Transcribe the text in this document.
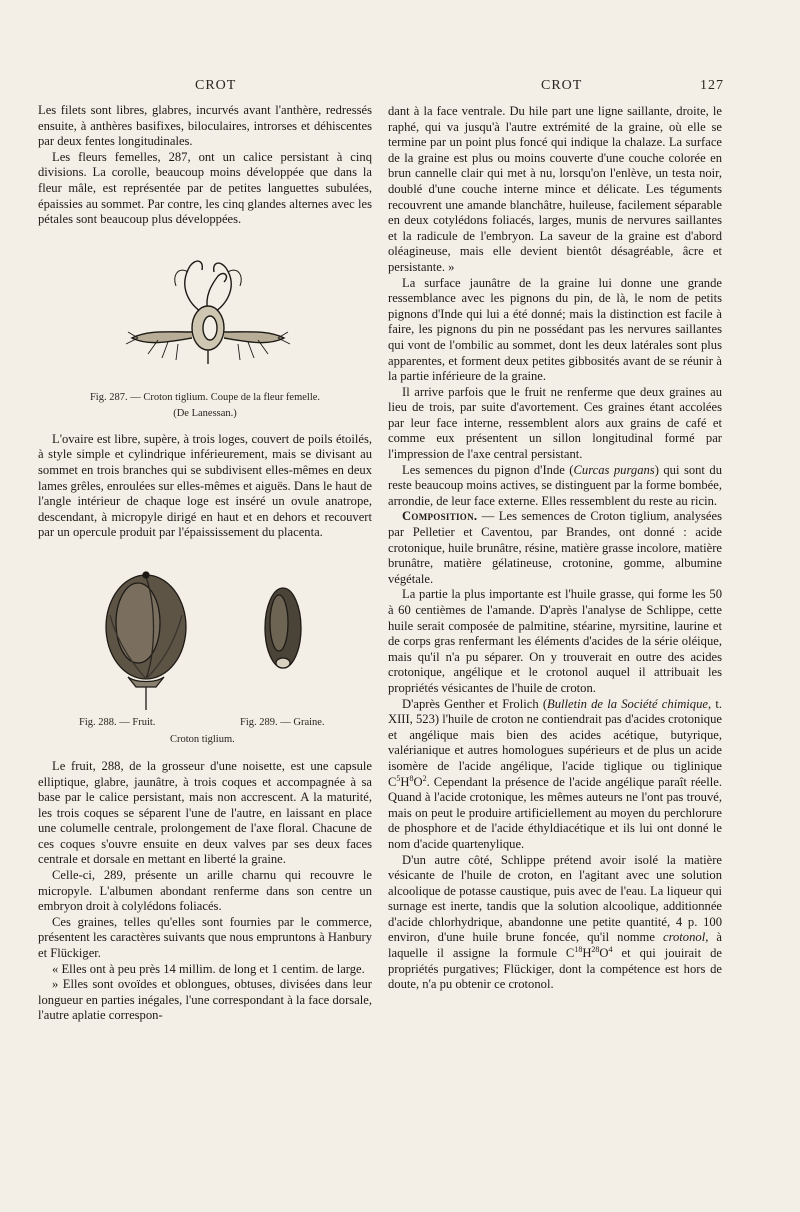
CROT	CROT	127

Les filets sont libres, glabres, incurvés avant l'anthère, redressés ensuite, à anthères basifixes, biloculaires, introrses et déhiscentes par deux fentes longitudinales.

Les fleurs femelles, 287, ont un calice persistant à cinq divisions. La corolle, beaucoup moins développée que dans la fleur mâle, est représentée par de petites languettes subulées, épaissies au sommet. Par contre, les cinq glandes alternes avec les pétales sont beaucoup plus développées.

Fig. 287. — Croton tiglium. Coupe de la fleur femelle.
(De Lanessan.)

L'ovaire est libre, supère, à trois loges, couvert de poils étoilés, à style simple et cylindrique inférieurement, mais se divisant au sommet en trois branches qui se subdivisent elles-mêmes en deux lames grêles, enroulées sur elles-mêmes et aiguës. Dans le haut de l'angle intérieur de chaque loge est inséré un ovule anatrope, descendant, à micropyle dirigé en haut et en dehors et recouvert par un opercule produit par l'épaississement du placenta.

Fig. 288. — Fruit.	Fig. 289. — Graine.
Croton tiglium.

Le fruit, 288, de la grosseur d'une noisette, est une capsule elliptique, glabre, jaunâtre, à trois coques et accompagnée à sa base par le calice persistant, mais non accrescent. A la maturité, les trois coques se séparent l'une de l'autre, en laissant en place une columelle centrale, prolongement de l'axe floral. Chacune de ces coques s'ouvre ensuite en deux valves par ses deux faces centrale et dorsale en mettant en liberté la graine.

Celle-ci, 289, présente un arille charnu qui recouvre le micropyle. L'albumen abondant renferme dans son centre un embryon droit à colylédons foliacés.

Ces graines, telles qu'elles sont fournies par le commerce, présentent les caractères suivants que nous empruntons à Hanbury et Flückiger.

« Elles ont à peu près 14 millim. de long et 1 centim. de large.

» Elles sont ovoïdes et oblongues, obtuses, divisées dans leur longueur en parties inégales, l'une correspondant à la face dorsale, l'autre aplatie correspon-

dant à la face ventrale. Du hile part une ligne saillante, droite, le raphé, qui va jusqu'à l'autre extrémité de la graine, où elle se termine par un point plus foncé qui indique la chalaze. La surface de la graine est plus ou moins couverte d'une couche colorée en brun cannelle clair qui met à nu, lorsqu'on l'enlève, un testa noir, doublé d'une couche interne mince et délicate. Les téguments recouvrent une amande blanchâtre, huileuse, facilement séparable en deux cotylédons foliacés, larges, munis de nervures saillantes et la radicule de l'embryon. La saveur de la graine est d'abord oléagineuse, mais elle devient bientôt désagréable, âcre et persistante. »

La surface jaunâtre de la graine lui donne une grande ressemblance avec les pignons du pin, de là, le nom de petits pignons d'Inde qui lui a été donné; mais la distinction est facile à faire, les pignons du pin ne possédant pas les nervures saillantes qui vont de l'ombilic au sommet, dont les deux latérales sont plus apparentes, et forment deux petites gibbosités avant de se réunir à la partie inférieure de la graine.

Il arrive parfois que le fruit ne renferme que deux graines au lieu de trois, par suite d'avortement. Ces graines étant accolées par leur face interne, ressemblent alors aux grains de café et comme eux présentent un sillon longitudinal formé par l'impression de l'axe central persistant.

Les semences du pignon d'Inde (Curcas purgans) qui sont du reste beaucoup moins actives, se distinguent par la forme bombée, arrondie, de leur face externe. Elles ressemblent du reste au ricin.

Composition. — Les semences de Croton tiglium, analysées par Pelletier et Caventou, par Brandes, ont donné : acide crotonique, huile brunâtre, résine, matière grasse incolore, matière brunâtre, matière gélatineuse, crotonine, gomme, albumine végétale.

La partie la plus importante est l'huile grasse, qui forme les 50 à 60 centièmes de l'amande. D'après l'analyse de Schlippe, cette huile serait composée de palmitine, stéarine, myrsitine, laurine et de corps gras renfermant les éléments d'acides de la série oléique, mais qu'il n'a pu séparer. On y trouverait en outre des acides crotonique, angélique et le crotonol auquel il attribuait les propriétés vésicantes de l'huile de croton.

D'après Genther et Frolich (Bulletin de la Société chimique, t. XIII, 523) l'huile de croton ne contiendrait pas d'acides crotonique et angélique mais bien des acides acétique, butyrique, valérianique et autres homologues supérieurs et de plus un acide isomère de l'acide angélique, l'acide tiglique ou tiglinique $C^5H^8O^2$. Cependant la présence de l'acide angélique paraît réelle. Quand à l'acide crotonique, les mêmes auteurs ne l'ont pas trouvé, mais on peut le produire artificiellement au moyen du perchlorure de phosphore et de l'acide éthyldiacétique et ils lui ont donné le nom d'acide quartenylique.

D'un autre côté, Schlippe prétend avoir isolé la matière vésicante de l'huile de croton, en l'agitant avec une solution alcoolique de potasse caustique, puis avec de l'eau. La liqueur qui surnage est inerte, tandis que la solution alcoolique, additionnée d'acide chlorhydrique, abandonne une petite quantité, 4 p. 100 environ, d'une huile brune foncée, qu'il nomme crotonol, à laquelle il assigne la formule $C^{18}H^{28}O^4$ et qui jouirait de propriétés purgatives; Flückiger, dont la compétence est hors de doute, n'a pu obtenir ce crotonol.
